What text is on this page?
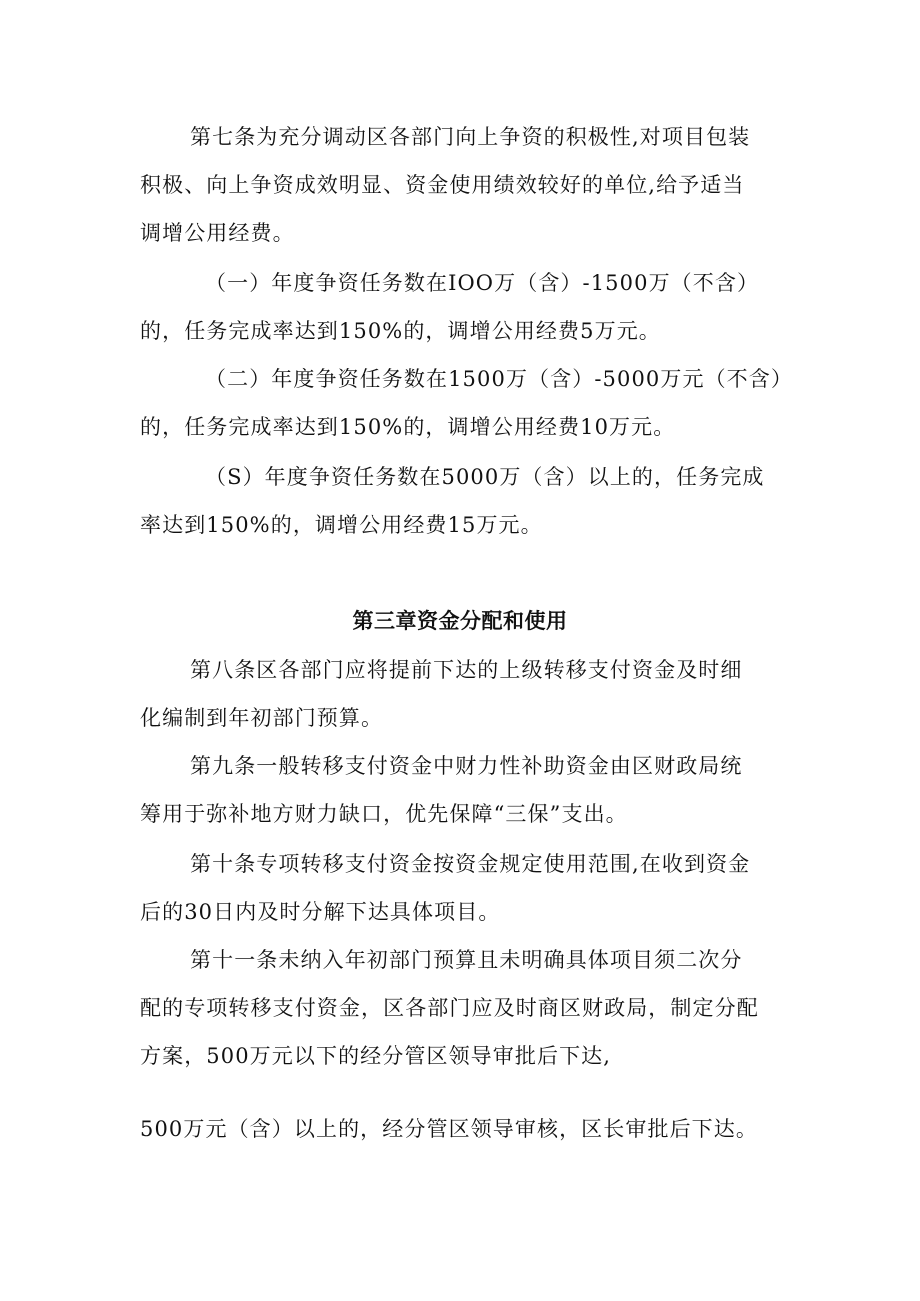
第七条为充分调动区各部门向上争资的积极性,对项目包装
积极、向上争资成效明显、资金使用绩效较好的单位,给予适当
调增公用经费。
（一）年度争资任务数在IOO万（含）-1500万（不含）
的，任务完成率达到150%的，调增公用经费5万元。
（二）年度争资任务数在1500万（含）-5000万元（不含）
的，任务完成率达到150%的，调增公用经费10万元。
（S）年度争资任务数在5000万（含）以上的，任务完成
率达到150%的，调增公用经费15万元。
第三章资金分配和使用
第八条区各部门应将提前下达的上级转移支付资金及时细
化编制到年初部门预算。
第九条一般转移支付资金中财力性补助资金由区财政局统
筹用于弥补地方财力缺口，优先保障“三保”支出。
第十条专项转移支付资金按资金规定使用范围,在收到资金
后的30日内及时分解下达具体项目。
第十一条未纳入年初部门预算且未明确具体项目须二次分
配的专项转移支付资金，区各部门应及时商区财政局，制定分配
方案，500万元以下的经分管区领导审批后下达,
500万元（含）以上的，经分管区领导审核，区长审批后下达。
